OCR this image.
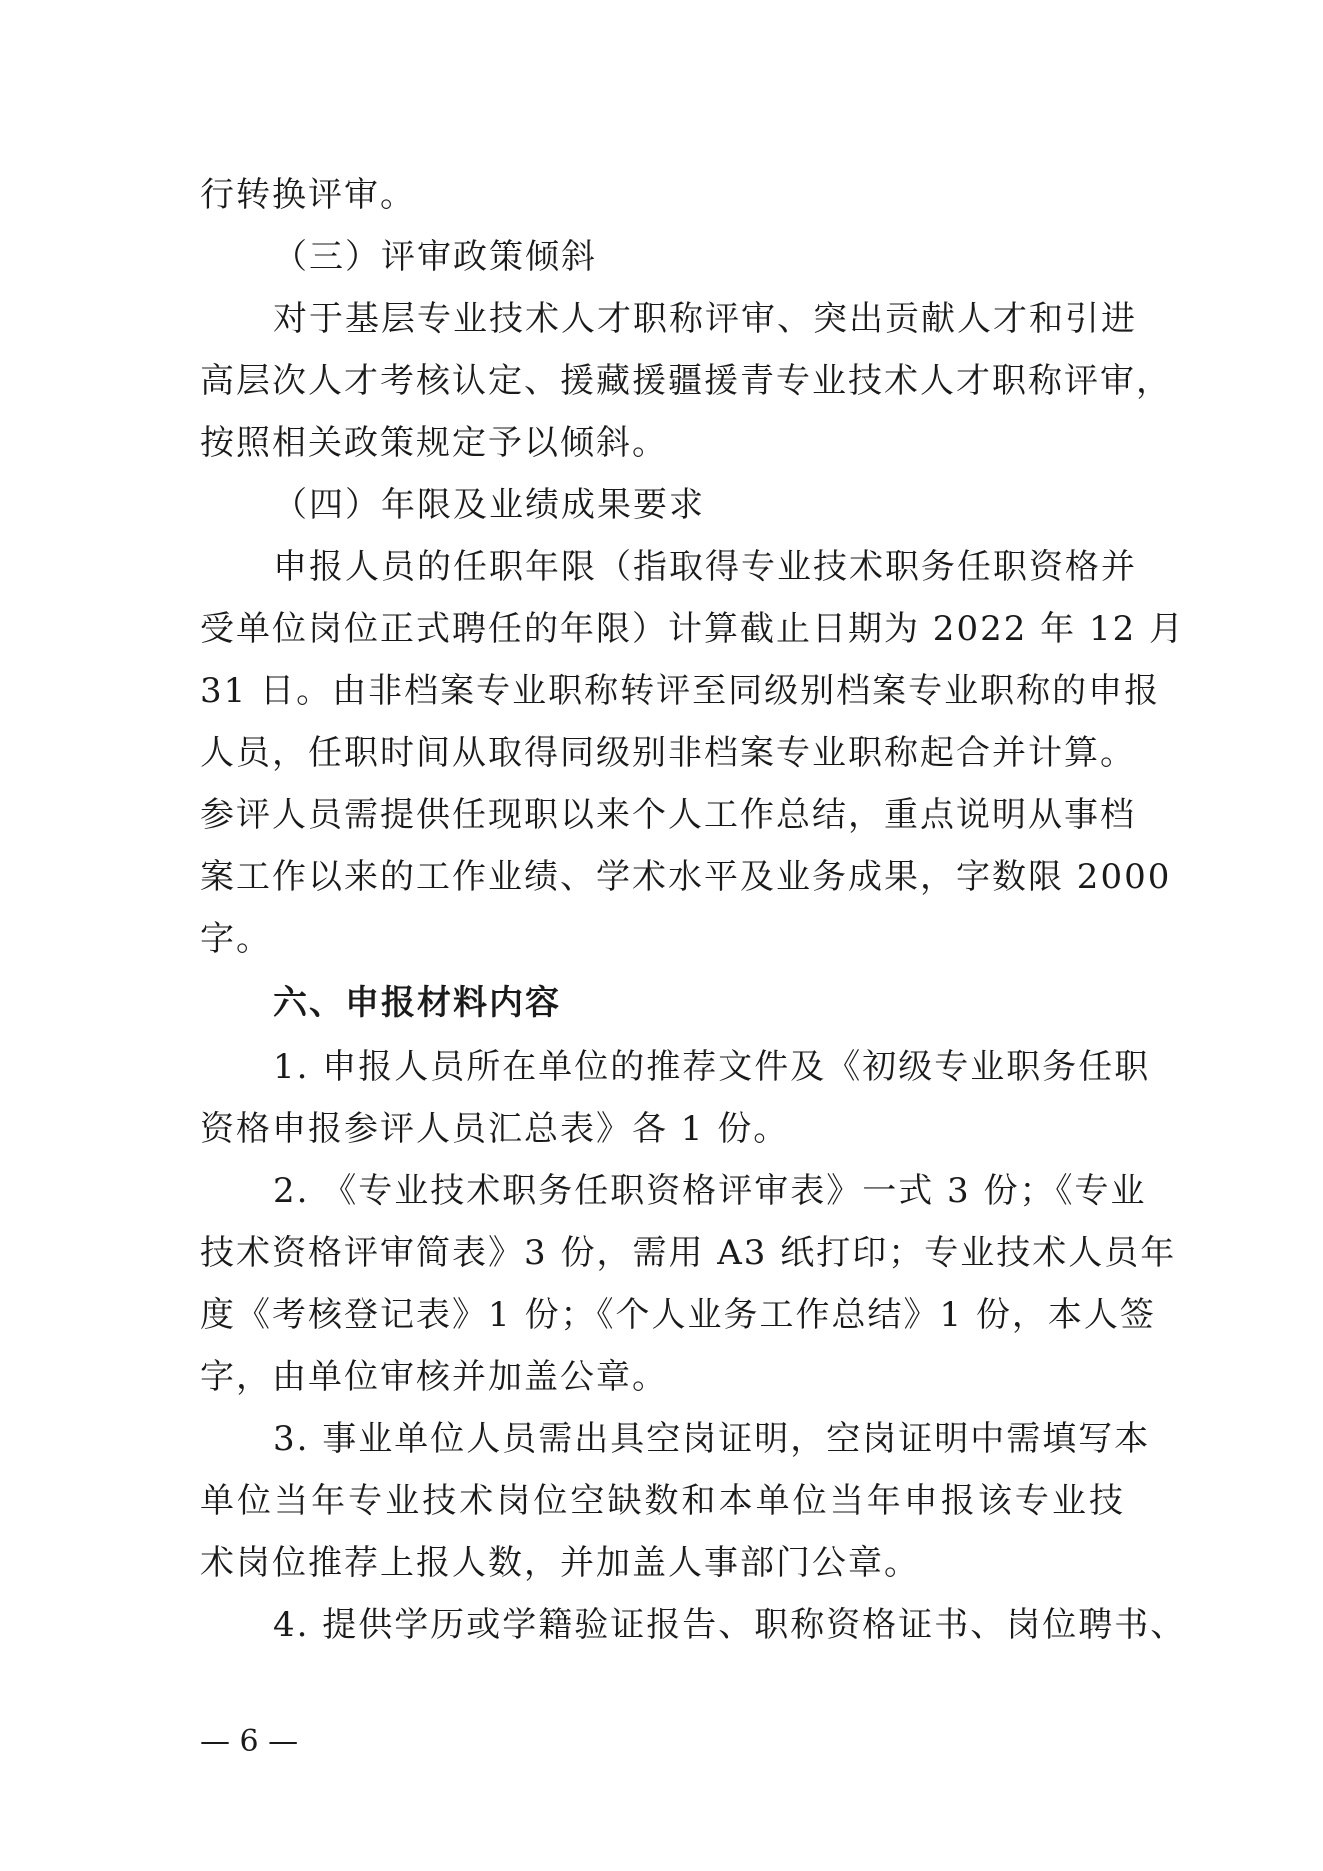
行转换评审。
（三）评审政策倾斜
对于基层专业技术人才职称评审、突出贡献人才和引进
高层次人才考核认定、援藏援疆援青专业技术人才职称评审，
按照相关政策规定予以倾斜。
（四）年限及业绩成果要求
申报人员的任职年限（指取得专业技术职务任职资格并
受单位岗位正式聘任的年限）计算截止日期为 2022 年 12 月
31 日。由非档案专业职称转评至同级别档案专业职称的申报
人员，任职时间从取得同级别非档案专业职称起合并计算。
参评人员需提供任现职以来个人工作总结，重点说明从事档
案工作以来的工作业绩、学术水平及业务成果，字数限 2000
字。
六、申报材料内容
1. 申报人员所在单位的推荐文件及《初级专业职务任职
资格申报参评人员汇总表》各 1 份。
2. 《专业技术职务任职资格评审表》一式 3 份；《专业
技术资格评审简表》3 份，需用 A3 纸打印；专业技术人员年
度《考核登记表》1 份；《个人业务工作总结》1 份，本人签
字，由单位审核并加盖公章。
3. 事业单位人员需出具空岗证明，空岗证明中需填写本
单位当年专业技术岗位空缺数和本单位当年申报该专业技
术岗位推荐上报人数，并加盖人事部门公章。
4. 提供学历或学籍验证报告、职称资格证书、岗位聘书、
— 6 —
